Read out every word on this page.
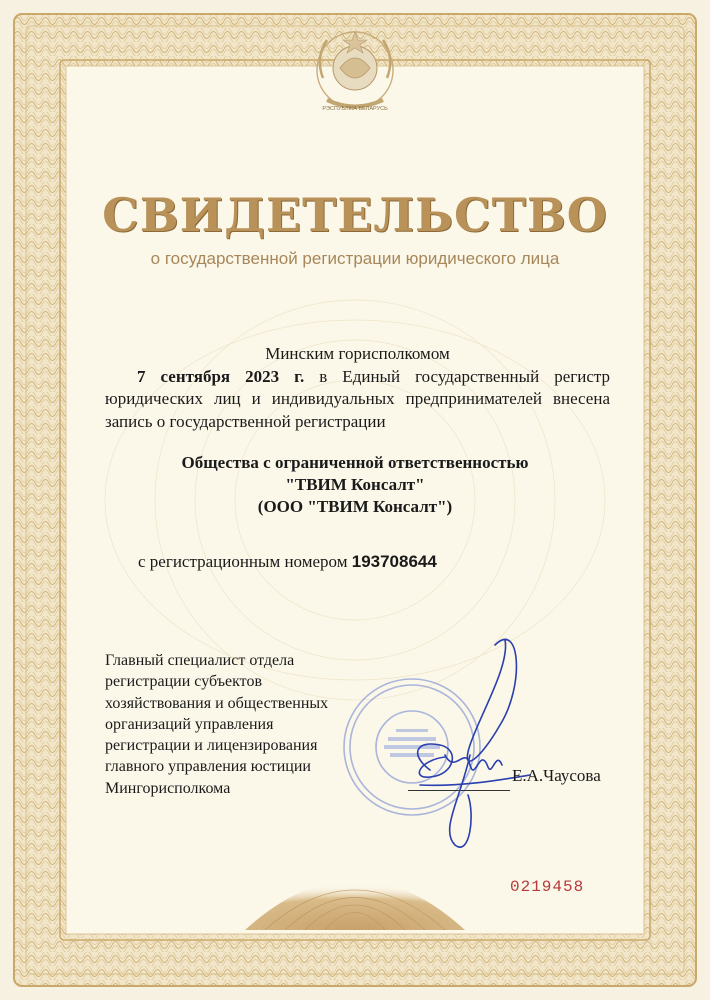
РЭСПУБЛІКА БЕЛАРУСЬ
СВИДЕТЕЛЬСТВО
о государственной регистрации юридического лица
Минским горисполкомом
7 сентября 2023 г. в Единый государственный регистр
юридических лиц и индивидуальных предпринимателей внесена
запись о государственной регистрации
Общества с ограниченной ответственностью
"ТВИМ Консалт"
(ООО "ТВИМ Консалт")
с регистрационным номером 193708644
Главный специалист отдела
регистрации субъектов
хозяйствования и общественных
организаций управления
регистрации и лицензирования
главного управления юстиции
Мингорисполкома
Е.А.Чаусова
0219458
